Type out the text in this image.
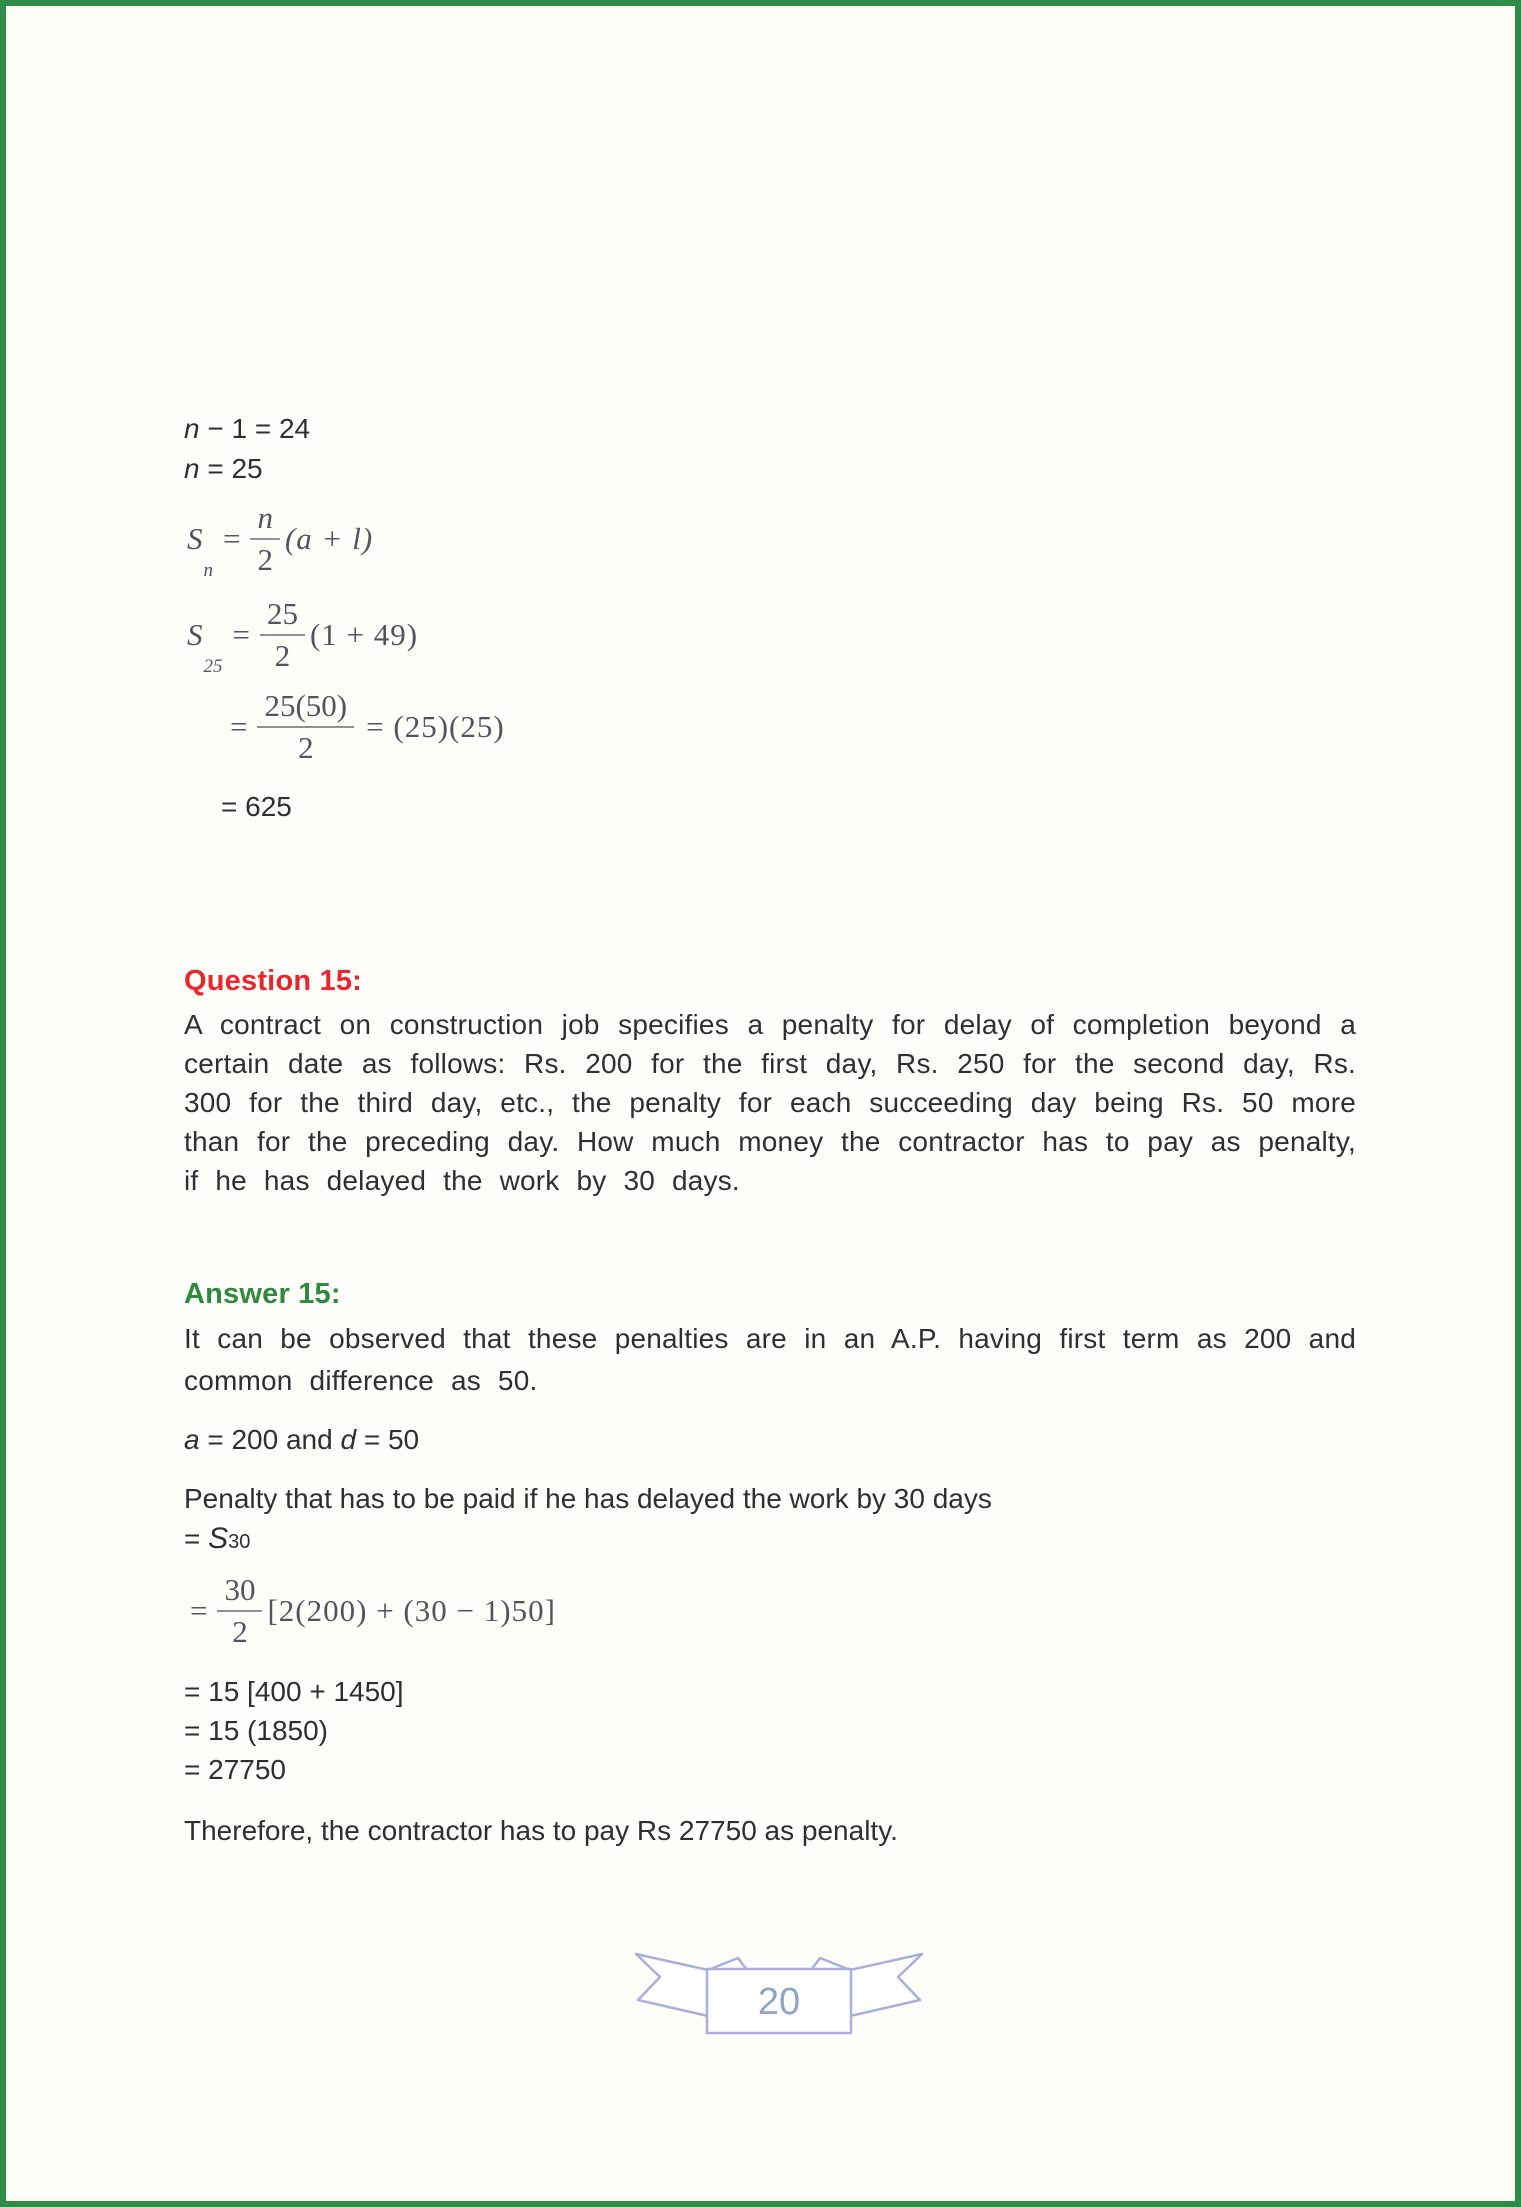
n − 1 = 24
n = 25
S
n
= $\frac{n}{2} (a + l)$
S
25
= $\frac{25}{2} (1 + 49)$
= $\frac{25(50)}{2} = (25)(25)$
= 625
Question 15:
A contract on construction job specifies a penalty for delay of completion beyond a certain date as follows: Rs. 200 for the first day, Rs. 250 for the second day, Rs. 300 for the third day, etc., the penalty for each succeeding day being Rs. 50 more than for the preceding day. How much money the contractor has to pay as penalty, if he has delayed the work by 30 days.
Answer 15:
It can be observed that these penalties are in an A.P. having first term as 200 and common difference as 50.
a = 200 and d = 50
Penalty that has to be paid if he has delayed the work by 30 days
= S30
= $\frac{30}{2} [2(200) + (30 - 1)50]$
= 15 [400 + 1450]
= 15 (1850)
= 27750
Therefore, the contractor has to pay Rs 27750 as penalty.
20
